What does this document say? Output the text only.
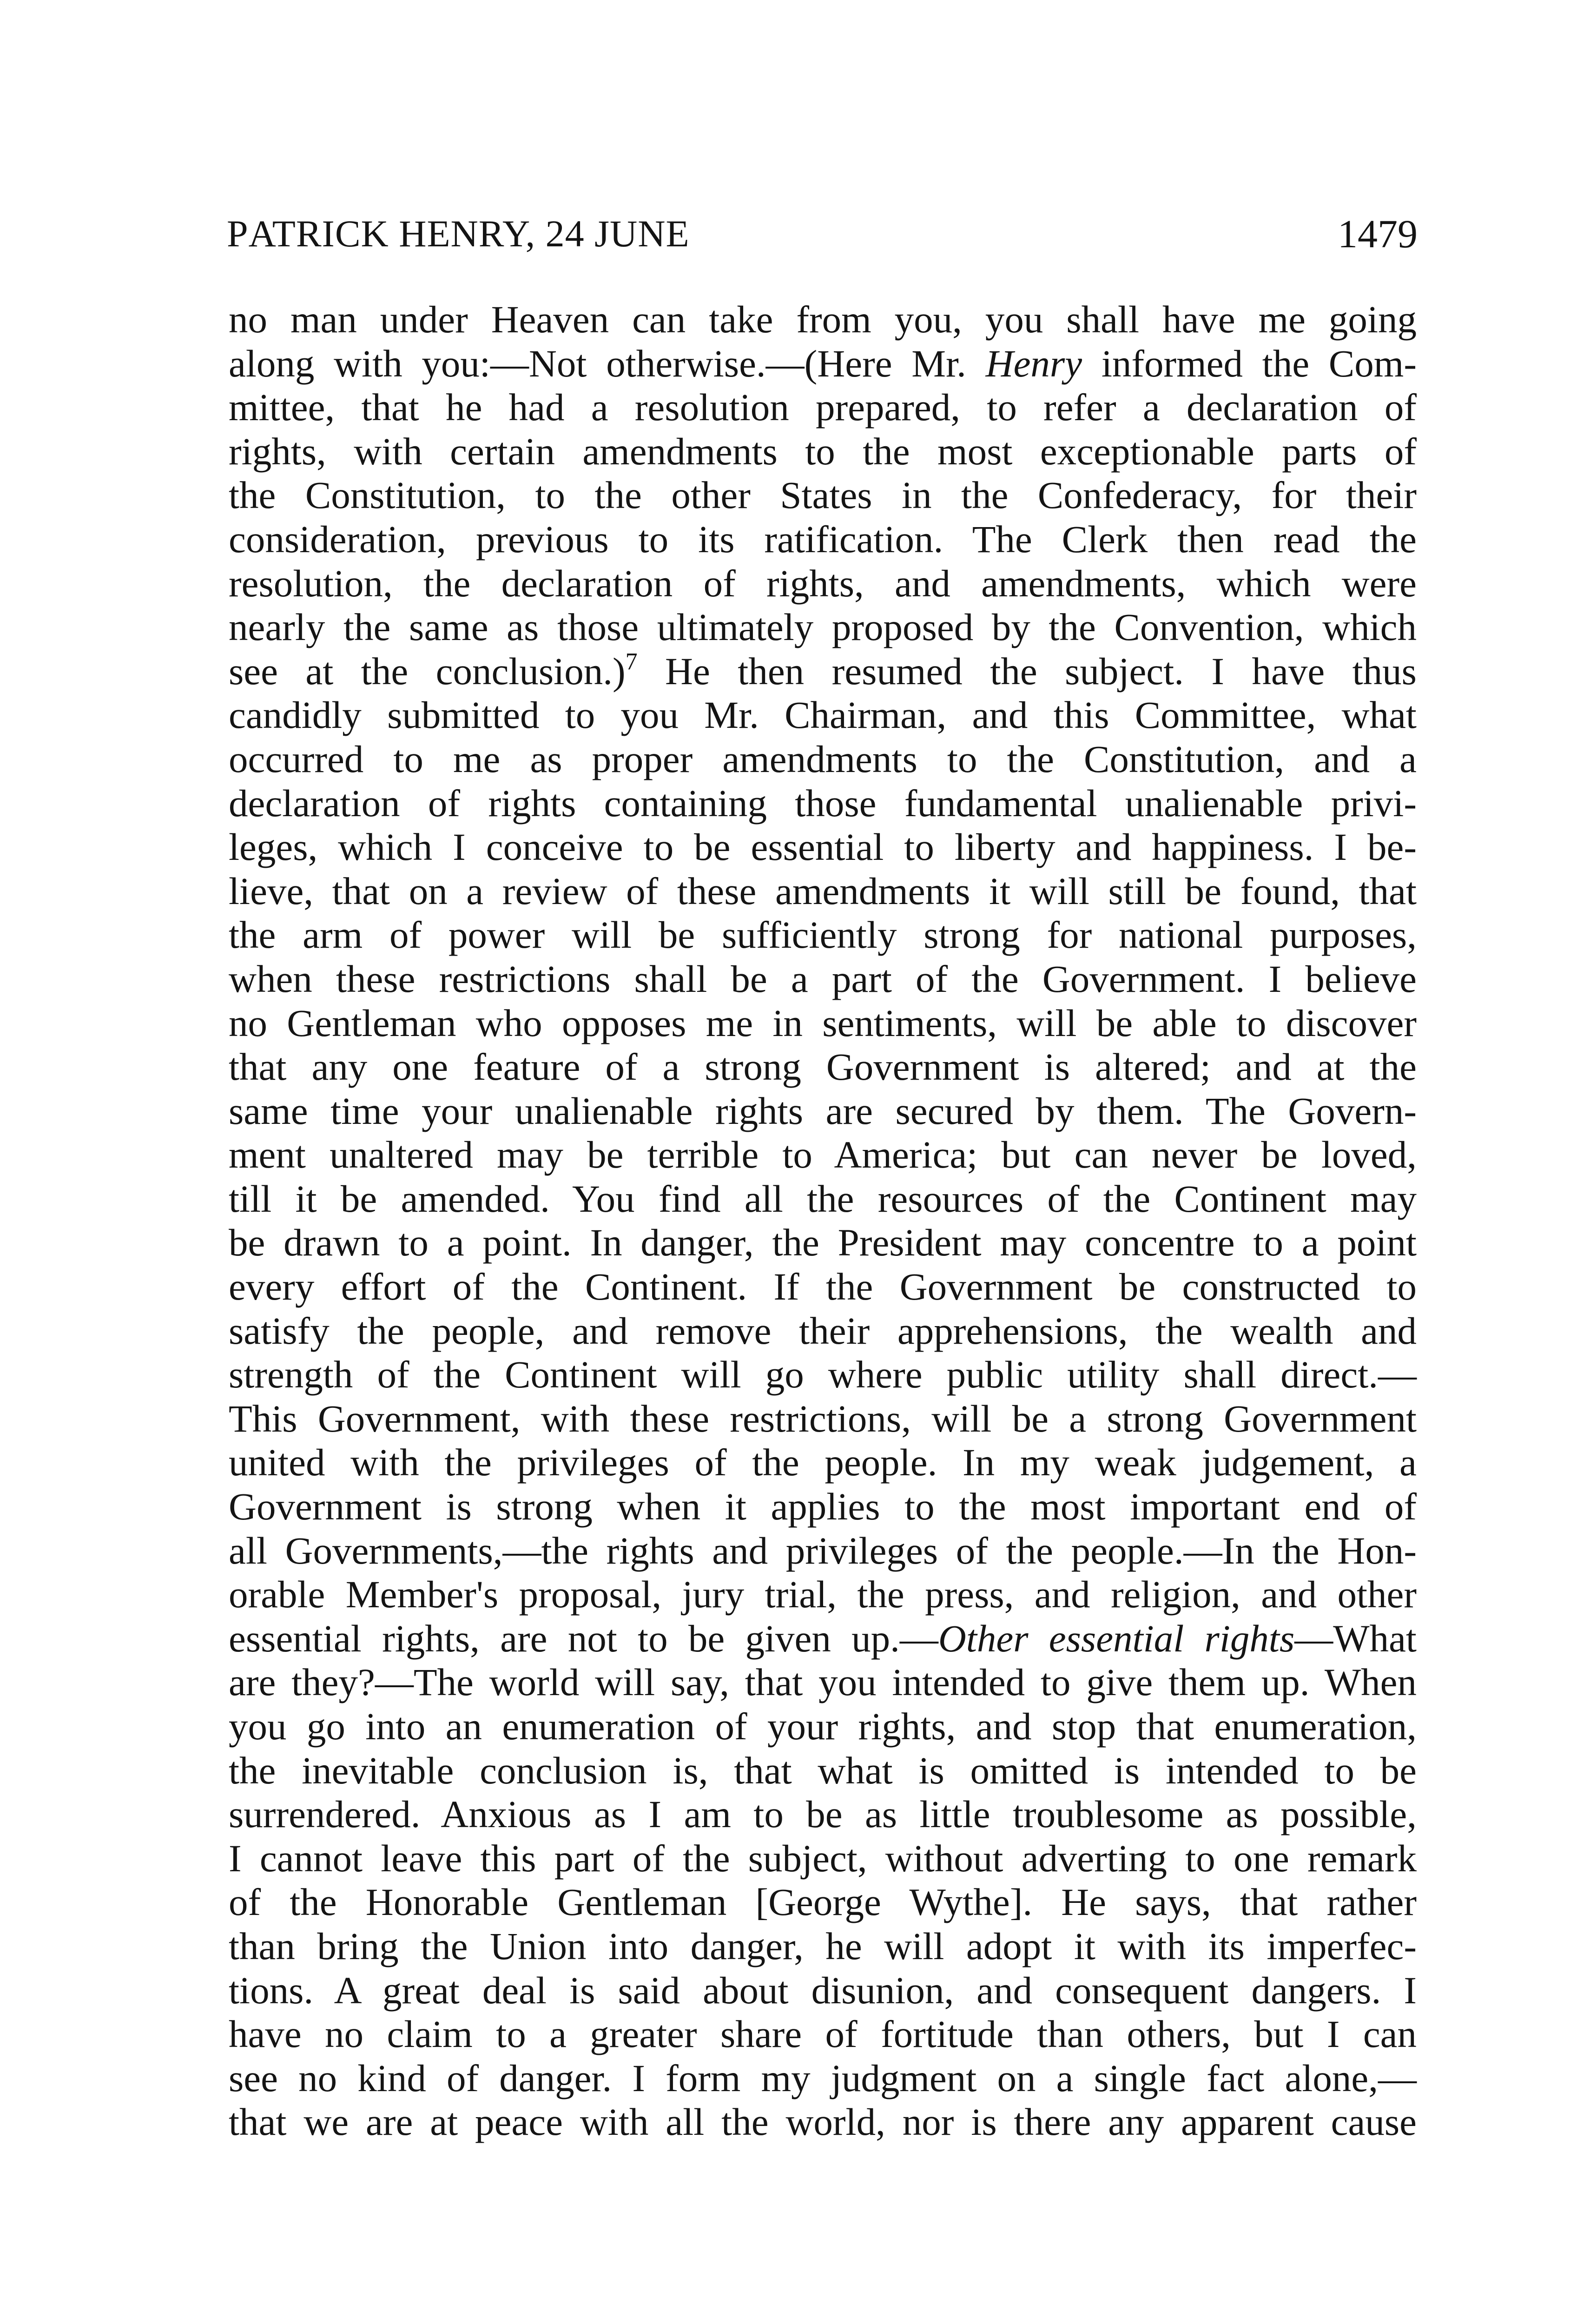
PATRICK HENRY, 24 JUNE	1479
no man under Heaven can take from you, you shall have me going
along with you:—Not otherwise.—(Here Mr. Henry informed the Com-
mittee, that he had a resolution prepared, to refer a declaration of
rights, with certain amendments to the most exceptionable parts of
the Constitution, to the other States in the Confederacy, for their
consideration, previous to its ratification. The Clerk then read the
resolution, the declaration of rights, and amendments, which were
nearly the same as those ultimately proposed by the Convention, which
see at the conclusion.)$^7$ He then resumed the subject. I have thus
candidly submitted to you Mr. Chairman, and this Committee, what
occurred to me as proper amendments to the Constitution, and a
declaration of rights containing those fundamental unalienable privi-
leges, which I conceive to be essential to liberty and happiness. I be-
lieve, that on a review of these amendments it will still be found, that
the arm of power will be sufficiently strong for national purposes,
when these restrictions shall be a part of the Government. I believe
no Gentleman who opposes me in sentiments, will be able to discover
that any one feature of a strong Government is altered; and at the
same time your unalienable rights are secured by them. The Govern-
ment unaltered may be terrible to America; but can never be loved,
till it be amended. You find all the resources of the Continent may
be drawn to a point. In danger, the President may concentre to a point
every effort of the Continent. If the Government be constructed to
satisfy the people, and remove their apprehensions, the wealth and
strength of the Continent will go where public utility shall direct.—
This Government, with these restrictions, will be a strong Government
united with the privileges of the people. In my weak judgement, a
Government is strong when it applies to the most important end of
all Governments,—the rights and privileges of the people.—In the Hon-
orable Member's proposal, jury trial, the press, and religion, and other
essential rights, are not to be given up.—Other essential rights—What
are they?—The world will say, that you intended to give them up. When
you go into an enumeration of your rights, and stop that enumeration,
the inevitable conclusion is, that what is omitted is intended to be
surrendered. Anxious as I am to be as little troublesome as possible,
I cannot leave this part of the subject, without adverting to one remark
of the Honorable Gentleman [George Wythe]. He says, that rather
than bring the Union into danger, he will adopt it with its imperfec-
tions. A great deal is said about disunion, and consequent dangers. I
have no claim to a greater share of fortitude than others, but I can
see no kind of danger. I form my judgment on a single fact alone,—
that we are at peace with all the world, nor is there any apparent cause
